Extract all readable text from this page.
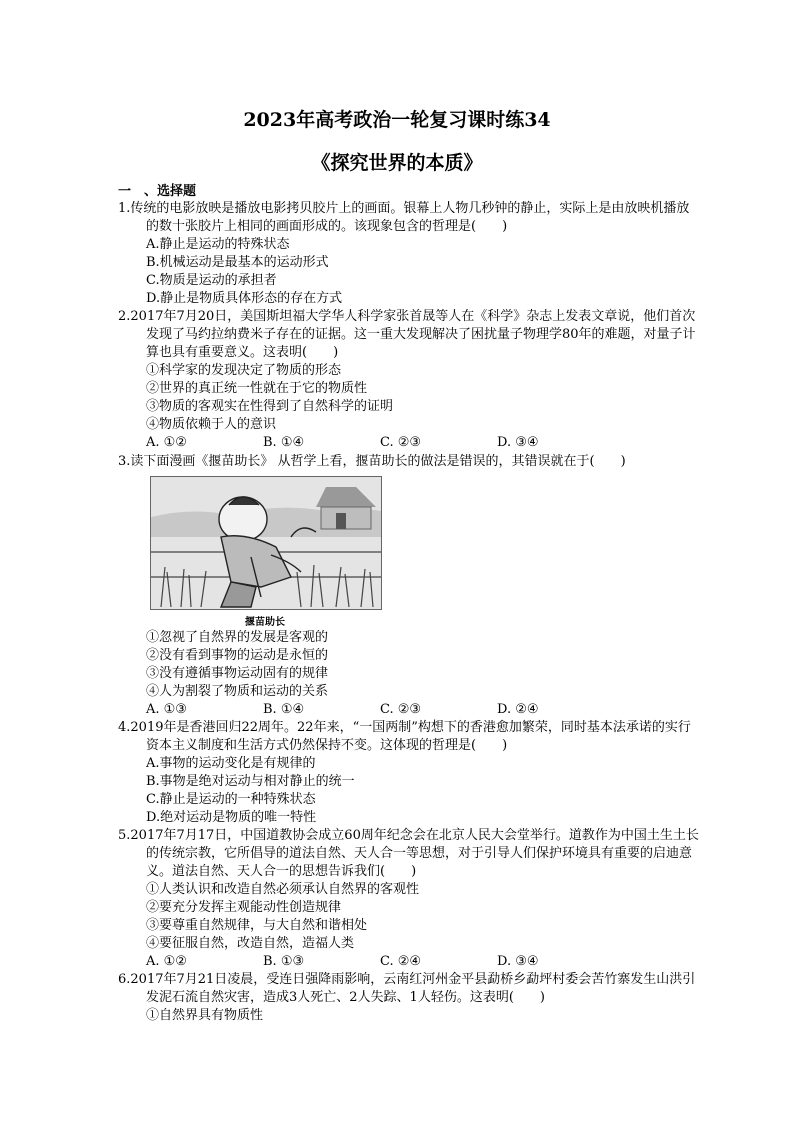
2023年高考政治一轮复习课时练34
《探究世界的本质》
一　、选择题
1.传统的电影放映是播放电影拷贝胶片上的画面。银幕上人物几秒钟的静止，实际上是由放映机播放的数十张胶片上相同的画面形成的。该现象包含的哲理是(　　)
A.静止是运动的特殊状态
B.机械运动是最基本的运动形式
C.物质是运动的承担者
D.静止是物质具体形态的存在方式
2.2017年7月20日，美国斯坦福大学华人科学家张首晟等人在《科学》杂志上发表文章说，他们首次发现了马约拉纳费米子存在的证据。这一重大发现解决了困扰量子物理学80年的难题，对量子计算也具有重要意义。这表明(　　)
①科学家的发现决定了物质的形态
②世界的真正统一性就在于它的物质性
③物质的客观实在性得到了自然科学的证明
④物质依赖于人的意识
A. ①②	B. ①④	C. ②③	D. ③④
3.读下面漫画《揠苗助长》 从哲学上看，揠苗助长的做法是错误的，其错误就在于(　　)
揠苗助长
①忽视了自然界的发展是客观的
②没有看到事物的运动是永恒的
③没有遵循事物运动固有的规律
④人为割裂了物质和运动的关系
A. ①③	B. ①④	C. ②③	D. ②④
4.2019年是香港回归22周年。22年来，“一国两制”构想下的香港愈加繁荣，同时基本法承诺的实行资本主义制度和生活方式仍然保持不变。这体现的哲理是(　　)
A.事物的运动变化是有规律的
B.事物是绝对运动与相对静止的统一
C.静止是运动的一种特殊状态
D.绝对运动是物质的唯一特性
5.2017年7月17日，中国道教协会成立60周年纪念会在北京人民大会堂举行。道教作为中国土生土长的传统宗教，它所倡导的道法自然、天人合一等思想，对于引导人们保护环境具有重要的启迪意义。道法自然、天人合一的思想告诉我们(　　)
①人类认识和改造自然必须承认自然界的客观性
②要充分发挥主观能动性创造规律
③要尊重自然规律，与大自然和谐相处
④要征服自然，改造自然，造福人类
A. ①②	B. ①③	C. ②④	D. ③④
6.2017年7月21日凌晨，受连日强降雨影响，云南红河州金平县勐桥乡勐坪村委会苦竹寨发生山洪引发泥石流自然灾害，造成3人死亡、2人失踪、1人轻伤。这表明(　　)
①自然界具有物质性
